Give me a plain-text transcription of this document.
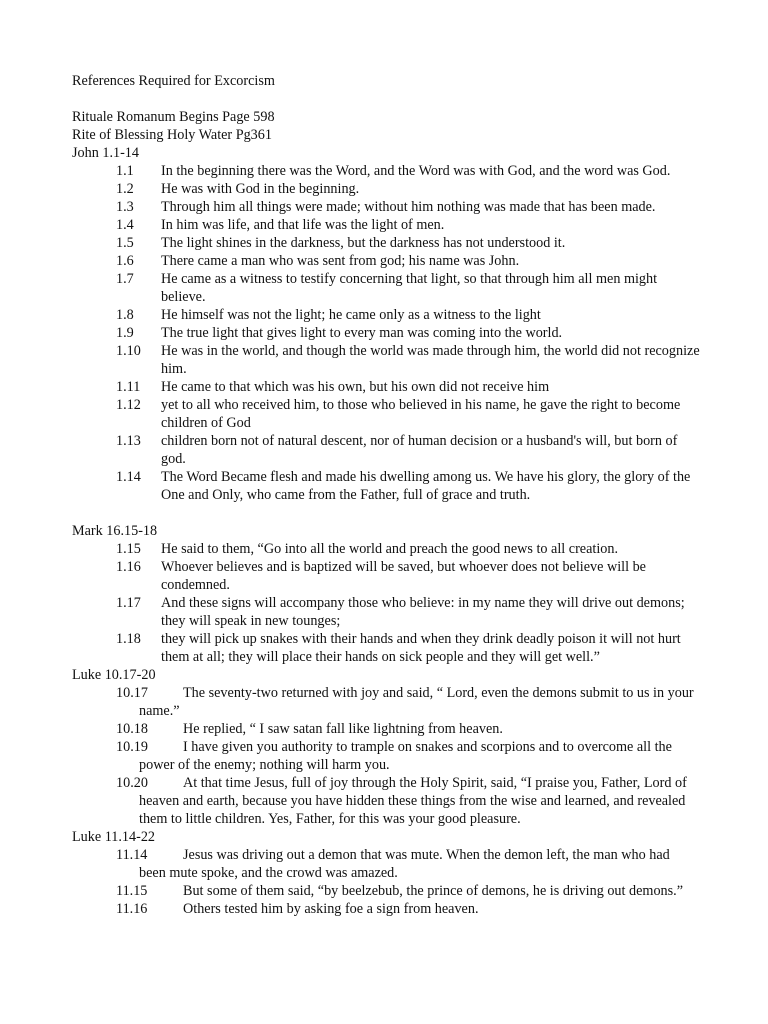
References Required for Excorcism
Rituale Romanum Begins Page 598
Rite of Blessing Holy Water Pg361
John 1.1-14
1.1	In the beginning there was the Word, and the Word was with God, and the word was God.
1.2	He was with God in the beginning.
1.3	Through him all things were made; without him nothing was made that has been made.
1.4	In him was life, and that life was the light of men.
1.5	The light shines in the darkness, but the darkness has not understood it.
1.6	There came a man who was sent from god; his name was John.
1.7	He came as a witness to testify concerning that light, so that through him all men might believe.
1.8	He himself was not the light; he came only as a witness to the light
1.9	The true light that gives light to every man was coming into the world.
1.10	He was in the world, and though the world was made through him, the world did not recognize him.
1.11	He came to that which was his own, but his own did not receive him
1.12	yet to all who received him, to those who believed in his name, he gave the right to become children of God
1.13	children born not of natural descent, nor of human decision or a husband's will, but born of god.
1.14	The Word Became flesh and made his dwelling among us. We have his glory, the glory of the One and Only, who came from the Father, full of grace and truth.
Mark 16.15-18
1.15	He said to them, “Go into all the world and preach the good news to all creation.
1.16	Whoever believes and is baptized will be saved, but whoever does not believe will be condemned.
1.17	And these signs will accompany those who believe: in my name they will drive out demons; they will speak in new tounges;
1.18	they will pick up snakes with their hands and when they drink deadly poison it will not hurt them at all; they will place their hands on sick people and they will get well.”
Luke 10.17-20
10.17	The seventy-two returned with joy and said, “ Lord, even the demons submit to us in your name.”
10.18	He replied, “ I saw satan fall like lightning from heaven.
10.19	I have given you authority to trample on snakes and scorpions and to overcome all the power of the enemy; nothing will harm you.
10.20	At that time Jesus, full of joy through the Holy Spirit, said, “I praise you, Father, Lord of heaven and earth, because you have hidden these things from the wise and learned, and revealed them to little children. Yes, Father, for this was your good pleasure.
Luke 11.14-22
11.14	Jesus was driving out a demon that was mute. When the demon left, the man who had been mute spoke, and the crowd was amazed.
11.15	But some of them said, “by beelzebub, the prince of demons, he is driving out demons.”
11.16	Others tested him by asking foe a sign from heaven.
